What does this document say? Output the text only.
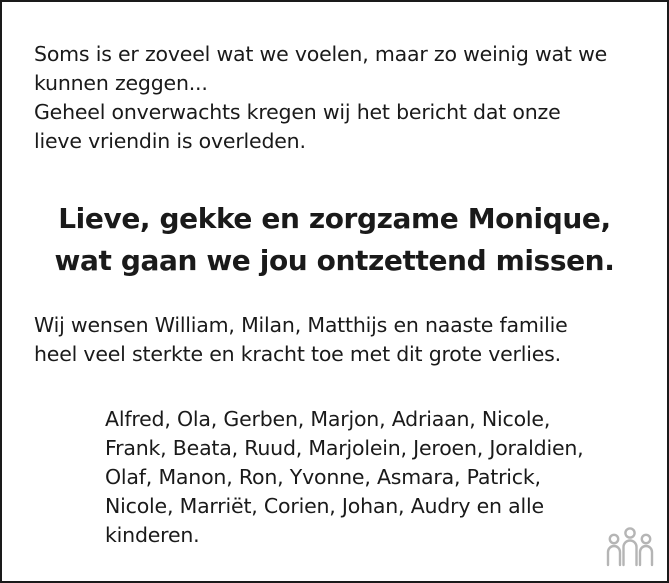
Soms is er zoveel wat we voelen, maar zo weinig wat we

kunnen zeggen...

Geheel onverwachts kregen wij het bericht dat onze

lieve vriendin is overleden.

Lieve, gekke en zorgzame Monique,
wat gaan we jou ontzettend missen.
Wij wensen William, Milan, Matthijs en naaste familie
heel veel sterkte en kracht toe met dit grote verlies.
Alfred, Ola, Gerben, Marjon, Adriaan, Nicole,
Frank, Beata, Ruud, Marjolein, Jeroen, Joraldien,
Olaf, Manon, Ron, Yvonne, Asmara, Patrick,
Nicole, Marriët, Corien, Johan, Audry en alle
kinderen.
